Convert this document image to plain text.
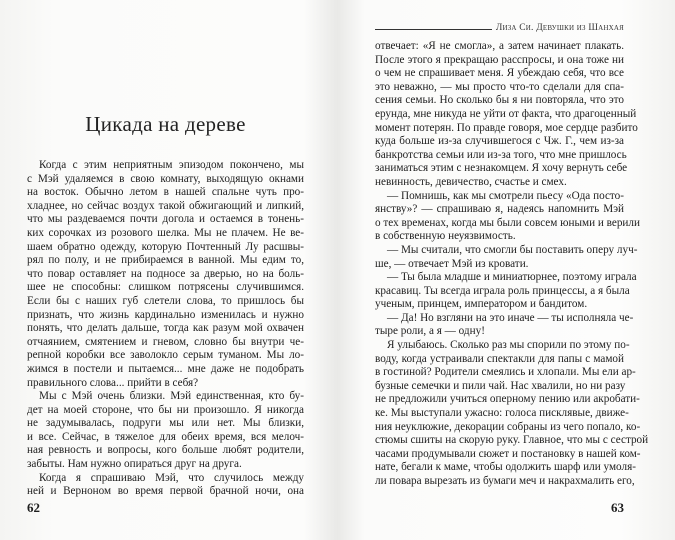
Цикада на дереве
Когда с этим неприятным эпизодом покончено, мы
с Мэй удаляемся в свою комнату, выходящую окнами
на восток. Обычно летом в нашей спальне чуть про-
хладнее, но сейчас воздух такой обжигающий и липкий,
что мы раздеваемся почти догола и остаемся в тонень-
ких сорочках из розового шелка. Мы не плачем. Не ве-
шаем обратно одежду, которую Почтенный Лу расшвы-
рял по полу, и не прибираемся в ванной. Мы едим то,
что повар оставляет на подносе за дверью, но на боль-
шее не способны: слишком потрясены случившимся.
Если бы с наших губ слетели слова, то пришлось бы
признать, что жизнь кардинально изменилась и нужно
понять, что делать дальше, тогда как разум мой охвачен
отчаянием, смятением и гневом, словно бы внутри че-
репной коробки все заволокло серым туманом. Мы ло-
жимся в постели и пытаемся... мне даже не подобрать
правильного слова... прийти в себя?
Мы с Мэй очень близки. Мэй единственная, кто бу-
дет на моей стороне, что бы ни произошло. Я никогда
не задумывалась, подруги мы или нет. Мы близки,
и все. Сейчас, в тяжелое для обеих время, вся мелоч-
ная ревность и вопросы, кого больше любят родители,
забыты. Нам нужно опираться друг на друга.
Когда я спрашиваю Мэй, что случилось между
ней и Верноном во время первой брачной ночи, она
62
Лиза Си. Девушки из Шанхая
отвечает: «Я не смогла», а затем начинает плакать.
После этого я прекращаю расспросы, и она тоже ни
о чем не спрашивает меня. Я убеждаю себя, что все
это неважно, — мы просто что-то сделали для спа-
сения семьи. Но сколько бы я ни повторяла, что это
ерунда, мне никуда не уйти от факта, что драгоценный
момент потерян. По правде говоря, мое сердце разбито
куда больше из-за случившегося с Чж. Г., чем из-за
банкротства семьи или из-за того, что мне пришлось
заниматься этим с незнакомцем. Я хочу вернуть себе
невинность, девичество, счастье и смех.
— Помнишь, как мы смотрели пьесу «Ода посто-
янству»? — спрашиваю я, надеясь напомнить Мэй
о тех временах, когда мы были совсем юными и верили
в собственную неуязвимость.
— Мы считали, что смогли бы поставить оперу луч-
ше, — отвечает Мэй из кровати.
— Ты была младше и миниатюрнее, поэтому играла
красавиц. Ты всегда играла роль принцессы, а я была
ученым, принцем, императором и бандитом.
— Да! Но взгляни на это иначе — ты исполняла че-
тыре роли, а я — одну!
Я улыбаюсь. Сколько раз мы спорили по этому по-
воду, когда устраивали спектакли для папы с мамой
в гостиной? Родители смеялись и хлопали. Мы ели ар-
бузные семечки и пили чай. Нас хвалили, но ни разу
не предложили учиться оперному пению или акробати-
ке. Мы выступали ужасно: голоса писклявые, движе-
ния неуклюжие, декорации собраны из чего попало, ко-
стюмы сшиты на скорую руку. Главное, что мы с сестрой
часами продумывали сюжет и постановку в нашей ком-
нате, бегали к маме, чтобы одолжить шарф или умоля-
ли повара вырезать из бумаги меч и накрахмалить его,
63
